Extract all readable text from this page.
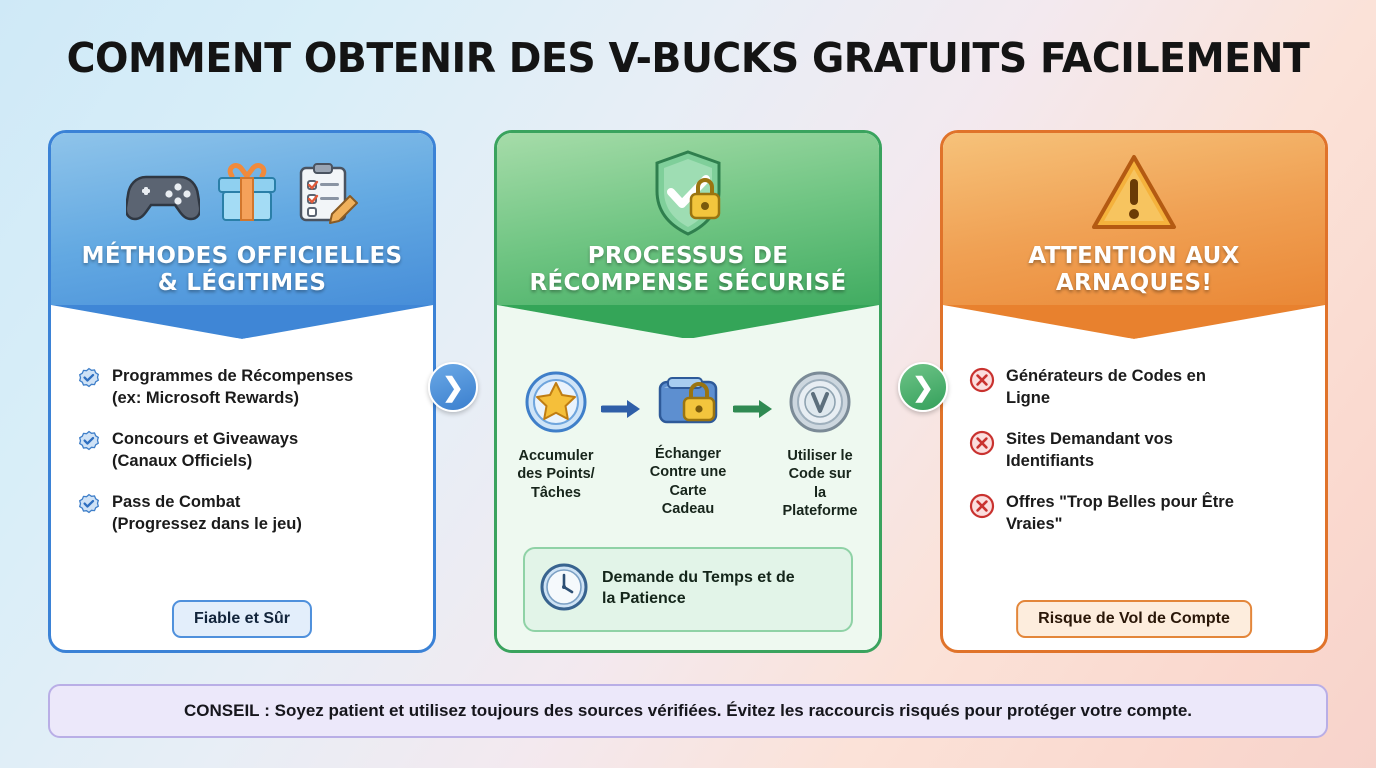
COMMENT OBTENIR DES V-BUCKS GRATUITS FACILEMENT
MÉTHODES OFFICIELLES
& LÉGITIMES
Programmes de Récompenses
(ex: Microsoft Rewards)
Concours et Giveaways
(Canaux Officiels)
Pass de Combat
(Progressez dans le jeu)
Fiable et Sûr
PROCESSUS DE
RÉCOMPENSE SÉCURISÉ
Accumuler
des Points/
Tâches
Échanger
Contre une
Carte Cadeau
Utiliser le
Code sur la
Plateforme
Demande du Temps et de
la Patience
ATTENTION AUX
ARNAQUES!
Générateurs de Codes en
Ligne
Sites Demandant vos
Identifiants
Offres "Trop Belles pour Être
Vraies"
Risque de Vol de Compte
❯	❯
CONSEIL : Soyez patient et utilisez toujours des sources vérifiées. Évitez les raccourcis risqués pour protéger votre compte.
